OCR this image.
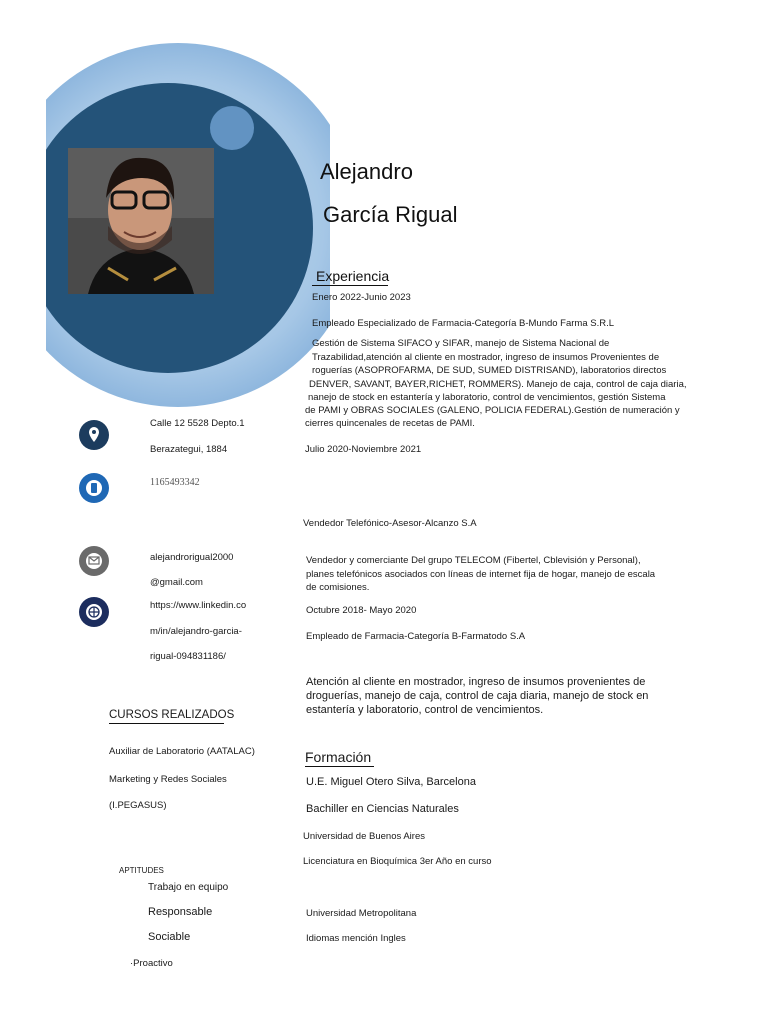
Alejandro
García Rigual
Calle 12 5528 Depto.1
Berazategui, 1884
1165493342
alejandrorigual2000
@gmail.com
https://www.linkedin.co
m/in/alejandro-garcia-
rigual-094831186/
CURSOS REALIZADOS
Auxiliar de Laboratorio (AATALAC)
Marketing y Redes Sociales
(I.PEGASUS)
APTITUDES
Trabajo en equipo
Responsable
Sociable
·Proactivo
Experiencia
Enero 2022-Junio 2023
Empleado Especializado de Farmacia-Categoría B-Mundo Farma S.R.L
Gestión de Sistema SIFACO y SIFAR, manejo de Sistema Nacional de
Trazabilidad,atención al cliente en mostrador, ingreso de insumos Provenientes de
roguerías (ASOPROFARMA, DE SUD, SUMED DISTRISAND), laboratorios directos
DENVER, SAVANT, BAYER,RICHET, ROMMERS). Manejo de caja, control de caja diaria,
nanejo de stock en estantería y laboratorio, control de vencimientos, gestión Sistema
de PAMI y OBRAS SOCIALES (GALENO, POLICIA FEDERAL).Gestión de numeración y
cierres quincenales de recetas de PAMI.
Julio 2020-Noviembre 2021
Vendedor Telefónico-Asesor-Alcanzo S.A
Vendedor y comerciante Del grupo TELECOM (Fibertel, Cblevisión y Personal),
planes telefónicos asociados con líneas de internet fija de hogar, manejo de escala
de comisiones.
Octubre 2018- Mayo 2020
Empleado de Farmacia-Categoría B-Farmatodo S.A
Atención al cliente en mostrador, ingreso de insumos provenientes de
droguerías, manejo de caja, control de caja diaria, manejo de stock en
estantería y laboratorio, control de vencimientos.
Formación
U.E. Miguel Otero Silva, Barcelona
Bachiller en Ciencias Naturales
Universidad de Buenos Aires
Licenciatura en Bioquímica 3er Año en curso
Universidad Metropolitana
Idiomas mención Ingles
